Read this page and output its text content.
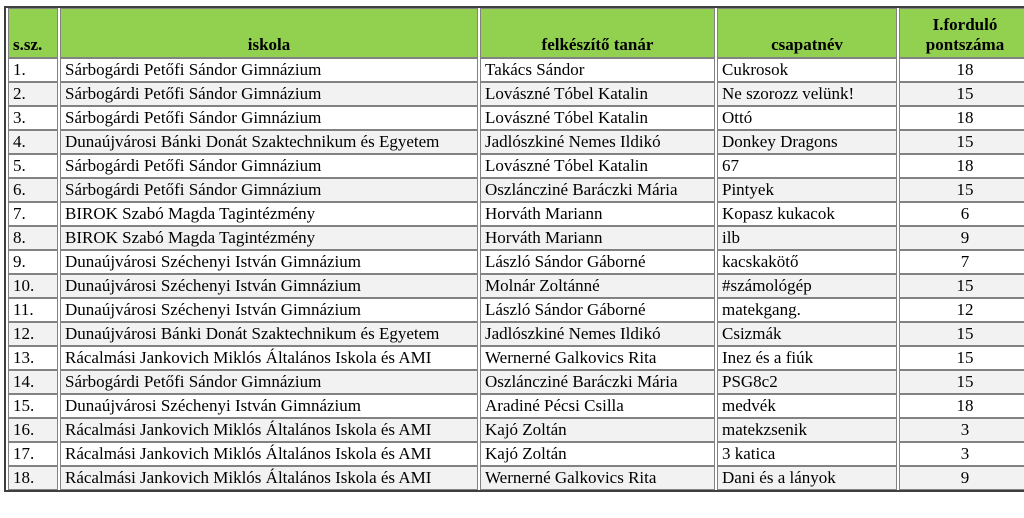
s.sz.	iskola	felkészítő tanár	csapatnév	I.forduló pontszáma
1.	Sárbogárdi Petőfi Sándor Gimnázium	Takács Sándor	Cukrosok	18
2.	Sárbogárdi Petőfi Sándor Gimnázium	Lovászné Tóbel Katalin	Ne szorozz velünk!	15
3.	Sárbogárdi Petőfi Sándor Gimnázium	Lovászné Tóbel Katalin	Ottó	18
4.	Dunaújvárosi Bánki Donát Szaktechnikum és Egyetem	Jadlószkiné Nemes Ildikó	Donkey Dragons	15
5.	Sárbogárdi Petőfi Sándor Gimnázium	Lovászné Tóbel Katalin	67	18
6.	Sárbogárdi Petőfi Sándor Gimnázium	Oszláncziné Baráczki Mária	Pintyek	15
7.	BIROK Szabó Magda Tagintézmény	Horváth Mariann	Kopasz kukacok	6
8.	BIROK Szabó Magda Tagintézmény	Horváth Mariann	ilb	9
9.	Dunaújvárosi Széchenyi István Gimnázium	László Sándor Gáborné	kacskakötő	7
10.	Dunaújvárosi Széchenyi István Gimnázium	Molnár Zoltánné	#számológép	15
11.	Dunaújvárosi Széchenyi István Gimnázium	László Sándor Gáborné	matekgang.	12
12.	Dunaújvárosi Bánki Donát Szaktechnikum és Egyetem	Jadlószkiné Nemes Ildikó	Csizmák	15
13.	Rácalmási Jankovich Miklós Általános Iskola és AMI	Wernerné Galkovics Rita	Inez és a fiúk	15
14.	Sárbogárdi Petőfi Sándor Gimnázium	Oszláncziné Baráczki Mária	PSG8c2	15
15.	Dunaújvárosi Széchenyi István Gimnázium	Aradiné Pécsi Csilla	medvék	18
16.	Rácalmási Jankovich Miklós Általános Iskola és AMI	Kajó Zoltán	matekzsenik	3
17.	Rácalmási Jankovich Miklós Általános Iskola és AMI	Kajó Zoltán	3 katica	3
18.	Rácalmási Jankovich Miklós Általános Iskola és AMI	Wernerné Galkovics Rita	Dani és a lányok	9
